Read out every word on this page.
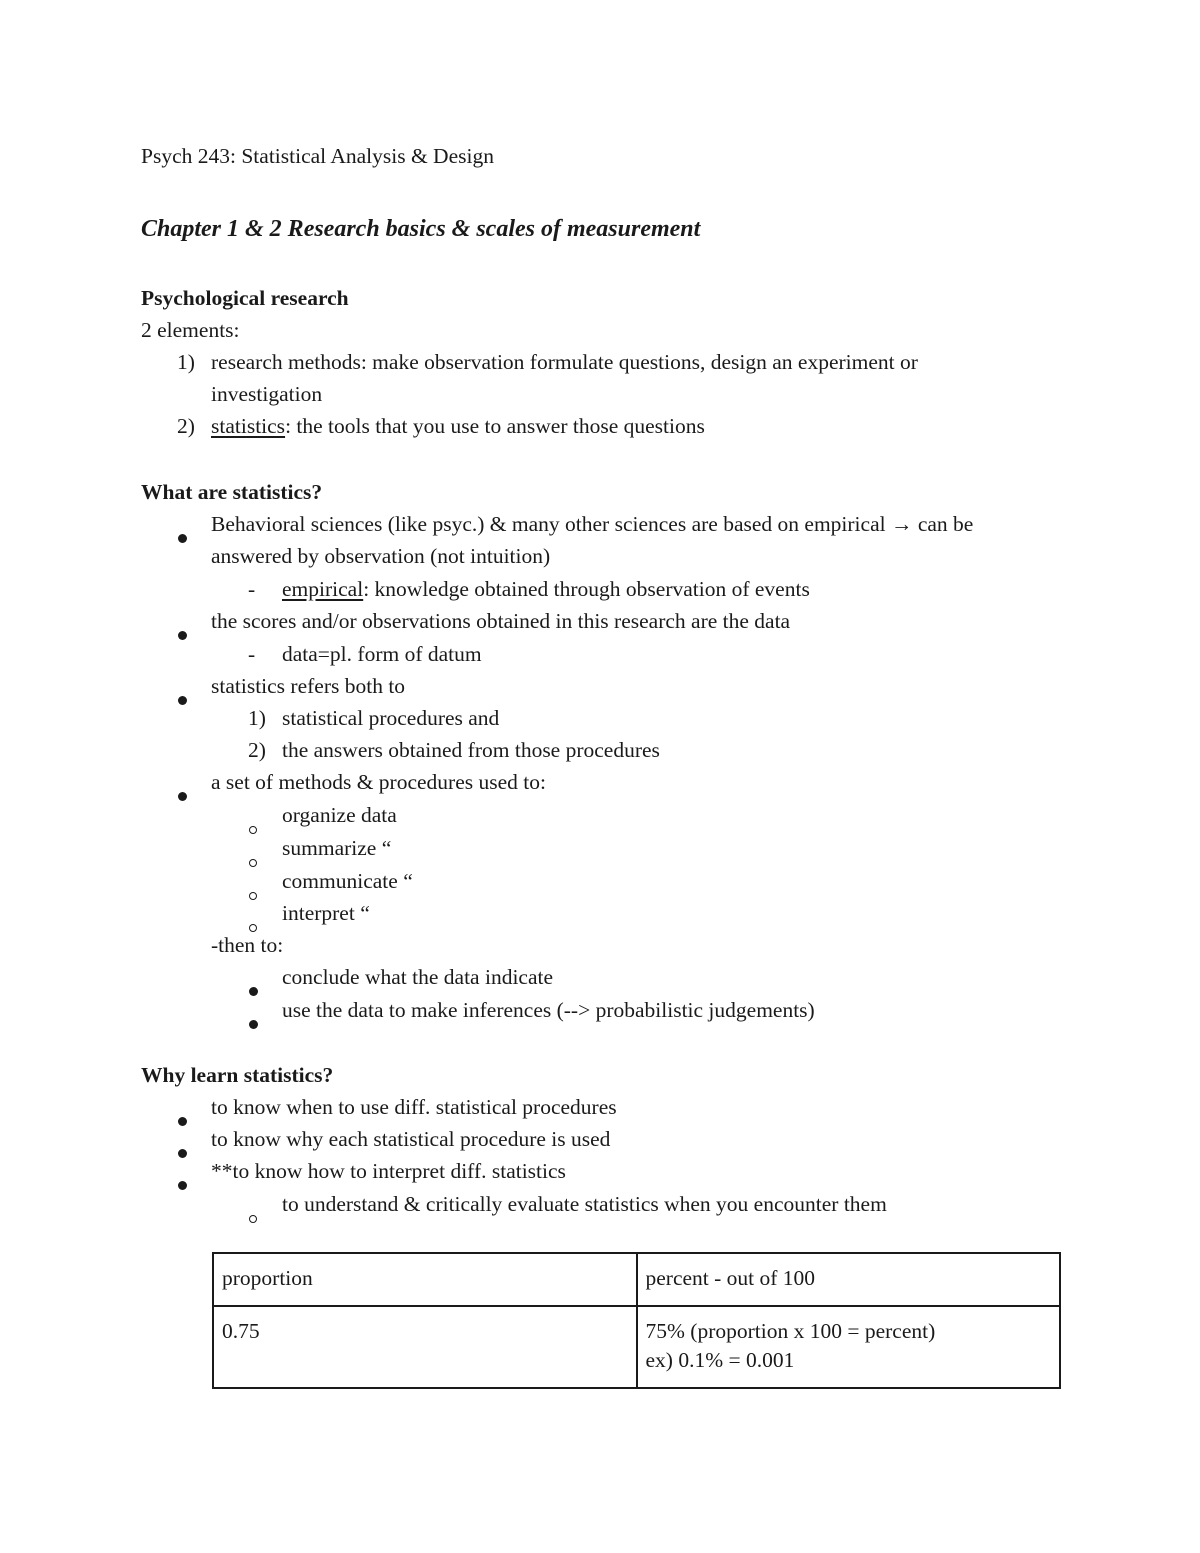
Psych 243: Statistical Analysis & Design
Chapter 1 & 2 Research basics & scales of measurement
Psychological research
2 elements:
1) research methods: make observation formulate questions, design an experiment or
investigation
2) statistics: the tools that you use to answer those questions
What are statistics?
Behavioral sciences (like psyc.) & many other sciences are based on empirical → can be
answered by observation (not intuition)
- empirical: knowledge obtained through observation of events
the scores and/or observations obtained in this research are the data
- data=pl. form of datum
statistics refers both to
1) statistical procedures and
2) the answers obtained from those procedures
a set of methods & procedures used to:
organize data
summarize “
communicate “
interpret “
-then to:
conclude what the data indicate
use the data to make inferences (--> probabilistic judgements)
Why learn statistics?
to know when to use diff. statistical procedures
to know why each statistical procedure is used
**to know how to interpret diff. statistics
to understand & critically evaluate statistics when you encounter them
proportion	percent - out of 100
0.75	75% (proportion x 100 = percent)
ex) 0.1% = 0.001
